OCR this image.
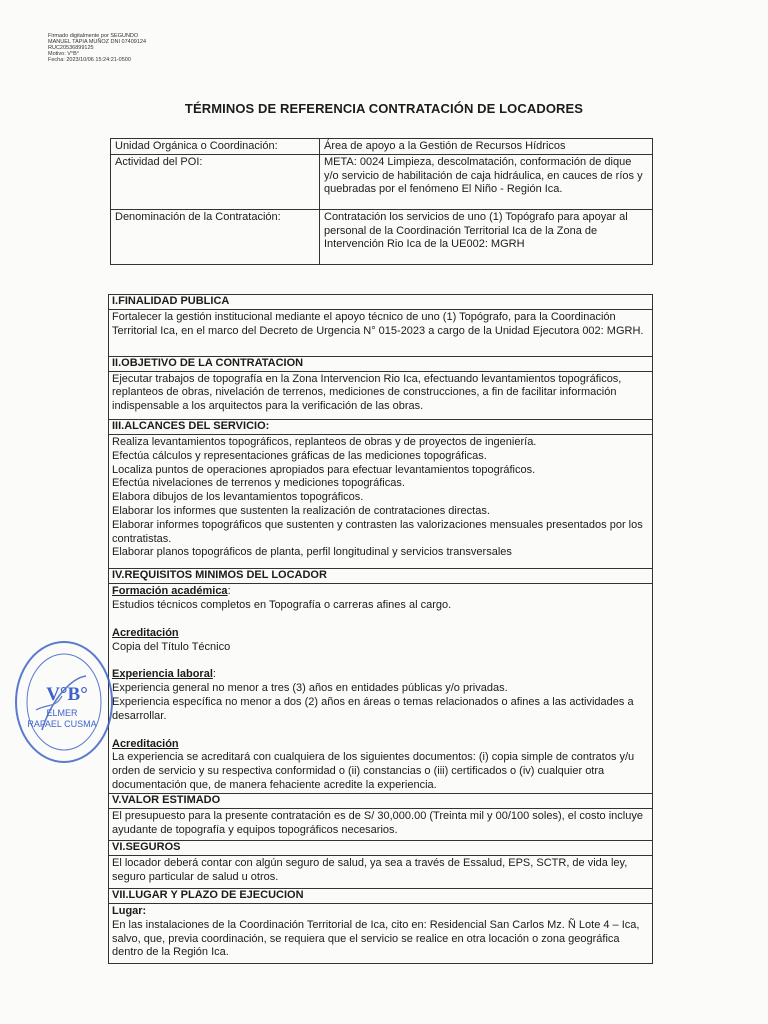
Firmado digitalmente por SEGUNDO
MANUEL TAPIA MUÑOZ DNI 07409124
RUC20536899125
Motivo: V°B°
Fecha: 2023/10/06 15:24:21-0500
TÉRMINOS DE REFERENCIA CONTRATACIÓN DE LOCADORES
Unidad Orgánica o Coordinación:	Área de apoyo a la Gestión de Recursos Hídricos
Actividad del POI:	META: 0024 Limpieza, descolmatación, conformación de dique y/o servicio de habilitación de caja hidráulica, en cauces de ríos y quebradas por el fenómeno El Niño - Región Ica.
Denominación de la Contratación:	Contratación los servicios de uno (1) Topógrafo para apoyar al personal de la Coordinación Territorial Ica de la Zona de Intervención Rio Ica de la UE002: MGRH
I.FINALIDAD PUBLICA

Fortalecer la gestión institucional mediante el apoyo técnico de uno (1) Topógrafo, para la Coordinación Territorial Ica, en el marco del Decreto de Urgencia N° 015-2023 a cargo de la Unidad Ejecutora 002: MGRH.

II.OBJETIVO DE LA CONTRATACION

Ejecutar trabajos de topografía en la Zona Intervencion Rio Ica, efectuando levantamientos topográficos, replanteos de obras, nivelación de terrenos, mediciones de construcciones, a fin de facilitar información indispensable a los arquitectos para la verificación de las obras.

III.ALCANCES DEL SERVICIO:

Realiza levantamientos topográficos, replanteos de obras y de proyectos de ingeniería.

Efectúa cálculos y representaciones gráficas de las mediciones topográficas.

Localiza puntos de operaciones apropiados para efectuar levantamientos topográficos.

Efectúa nivelaciones de terrenos y mediciones topográficas.

Elabora dibujos de los levantamientos topográficos.

Elaborar los informes que sustenten la realización de contrataciones directas.

Elaborar informes topográficos que sustenten y contrasten las valorizaciones mensuales presentados por los contratistas.

Elaborar planos topográficos de planta, perfil longitudinal y servicios transversales

IV.REQUISITOS MINIMOS DEL LOCADOR

Formación académica:

Estudios técnicos completos en Topografía o carreras afines al cargo.

Acreditación

Copia del Título Técnico

Experiencia laboral:

Experiencia general no menor a tres (3) años en entidades públicas y/o privadas.

Experiencia específica no menor a dos (2) años en áreas o temas relacionados o afines a las actividades a desarrollar.

Acreditación

La experiencia se acreditará con cualquiera de los siguientes documentos: (i) copia simple de contratos y/u orden de servicio y su respectiva conformidad o (ii) constancias o (iii) certificados o (iv) cualquier otra documentación que, de manera fehaciente acredite la experiencia.

V.VALOR ESTIMADO

El presupuesto para la presente contratación es de S/ 30,000.00 (Treinta mil y 00/100 soles), el costo incluye ayudante de topografía y equipos topográficos necesarios.

VI.SEGUROS

El locador deberá contar con algún seguro de salud, ya sea a través de Essalud, EPS, SCTR, de vida ley, seguro particular de salud u otros.

VII.LUGAR Y PLAZO DE EJECUCION

Lugar:

En las instalaciones de la Coordinación Territorial de Ica, cito en: Residencial San Carlos Mz. Ñ Lote 4 – Ica, salvo, que, previa coordinación, se requiera que el servicio se realice en otra locación o zona geográfica dentro de la Región Ica.

V°B°
ELMER
RAFAEL CUSMA
